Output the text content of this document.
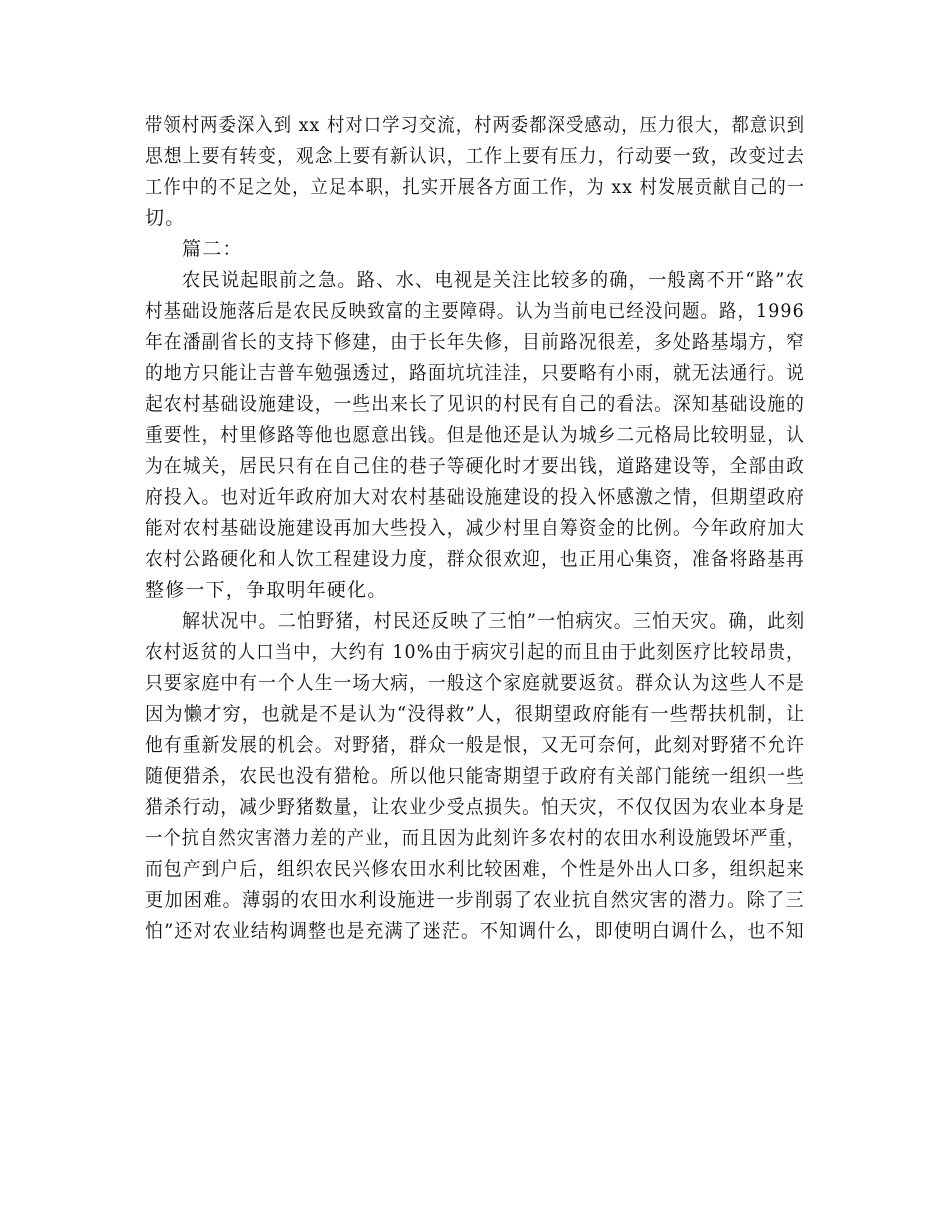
带领村两委深入到 xx 村对口学习交流，村两委都深受感动，压力很大，都意识到
思想上要有转变，观念上要有新认识，工作上要有压力，行动要一致，改变过去
工作中的不足之处，立足本职，扎实开展各方面工作，为 xx 村发展贡献自己的一
切。
篇二：
农民说起眼前之急。路、水、电视是关注比较多的确，一般离不开“路”农
村基础设施落后是农民反映致富的主要障碍。认为当前电已经没问题。路，1996
年在潘副省长的支持下修建，由于长年失修，目前路况很差，多处路基塌方，窄
的地方只能让吉普车勉强透过，路面坑坑洼洼，只要略有小雨，就无法通行。说
起农村基础设施建设，一些出来长了见识的村民有自己的看法。深知基础设施的
重要性，村里修路等他也愿意出钱。但是他还是认为城乡二元格局比较明显，认
为在城关，居民只有在自己住的巷子等硬化时才要出钱，道路建设等，全部由政
府投入。也对近年政府加大对农村基础设施建设的投入怀感激之情，但期望政府
能对农村基础设施建设再加大些投入，减少村里自筹资金的比例。今年政府加大
农村公路硬化和人饮工程建设力度，群众很欢迎，也正用心集资，准备将路基再
整修一下，争取明年硬化。
解状况中。二怕野猪，村民还反映了三怕”一怕病灾。三怕天灾。确，此刻
农村返贫的人口当中，大约有 10%由于病灾引起的而且由于此刻医疗比较昂贵，
只要家庭中有一个人生一场大病，一般这个家庭就要返贫。群众认为这些人不是
因为懒才穷，也就是不是认为“没得救”人，很期望政府能有一些帮扶机制，让
他有重新发展的机会。对野猪，群众一般是恨，又无可奈何，此刻对野猪不允许
随便猎杀，农民也没有猎枪。所以他只能寄期望于政府有关部门能统一组织一些
猎杀行动，减少野猪数量，让农业少受点损失。怕天灾，不仅仅因为农业本身是
一个抗自然灾害潜力差的产业，而且因为此刻许多农村的农田水利设施毁坏严重，
而包产到户后，组织农民兴修农田水利比较困难，个性是外出人口多，组织起来
更加困难。薄弱的农田水利设施进一步削弱了农业抗自然灾害的潜力。除了三
怕”还对农业结构调整也是充满了迷茫。不知调什么，即使明白调什么，也不知
